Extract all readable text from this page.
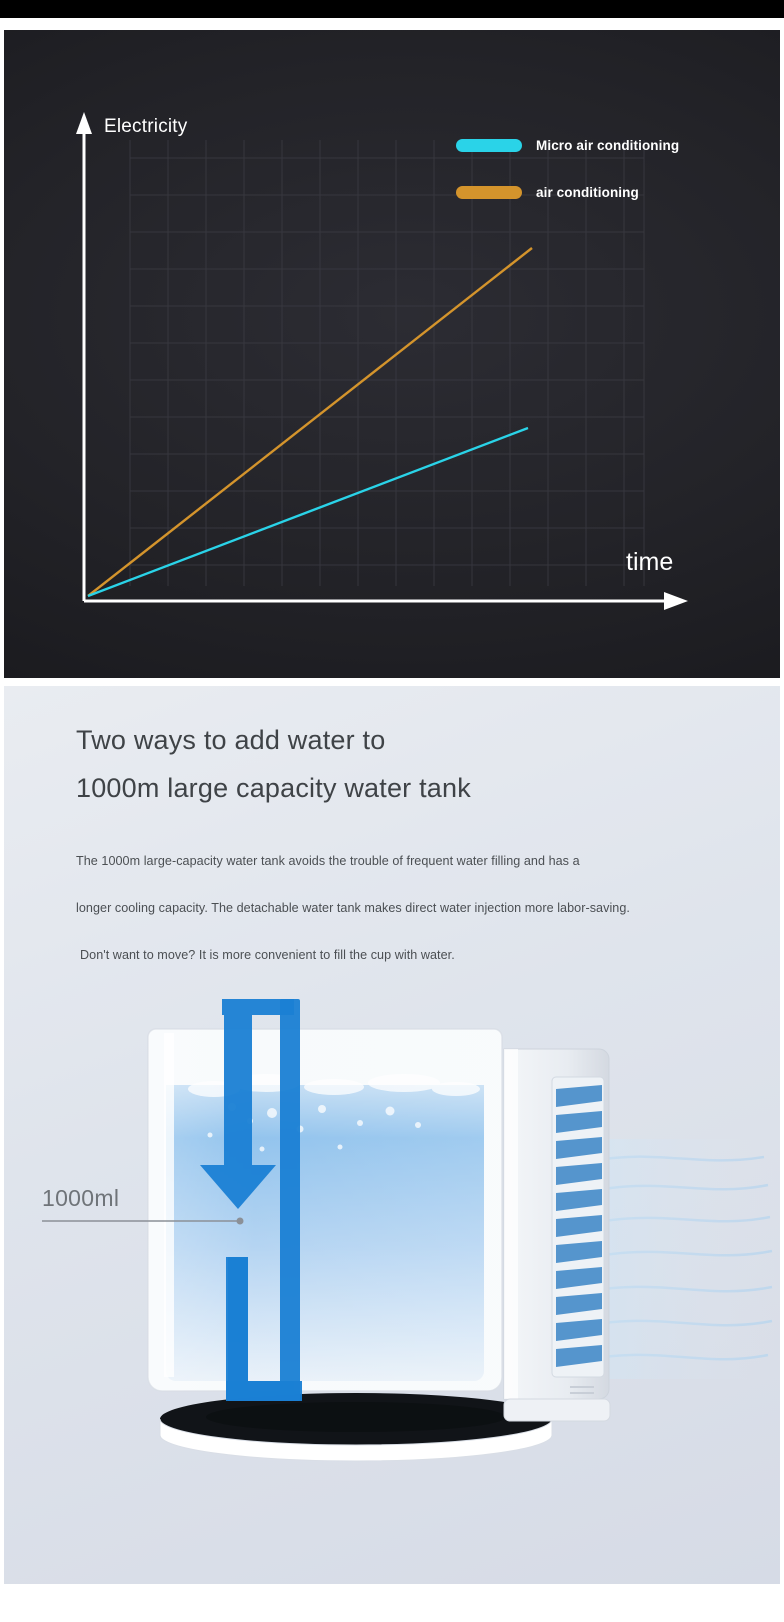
Electricity
time
Micro air conditioning
air conditioning
Two ways to add water to
1000m large capacity water tank

The 1000m large-capacity water tank avoids the trouble of frequent water filling and has a

longer cooling capacity. The detachable water tank makes direct water injection more labor-saving.

Don't want to move? It is more convenient to fill the cup with water.

1000ml
